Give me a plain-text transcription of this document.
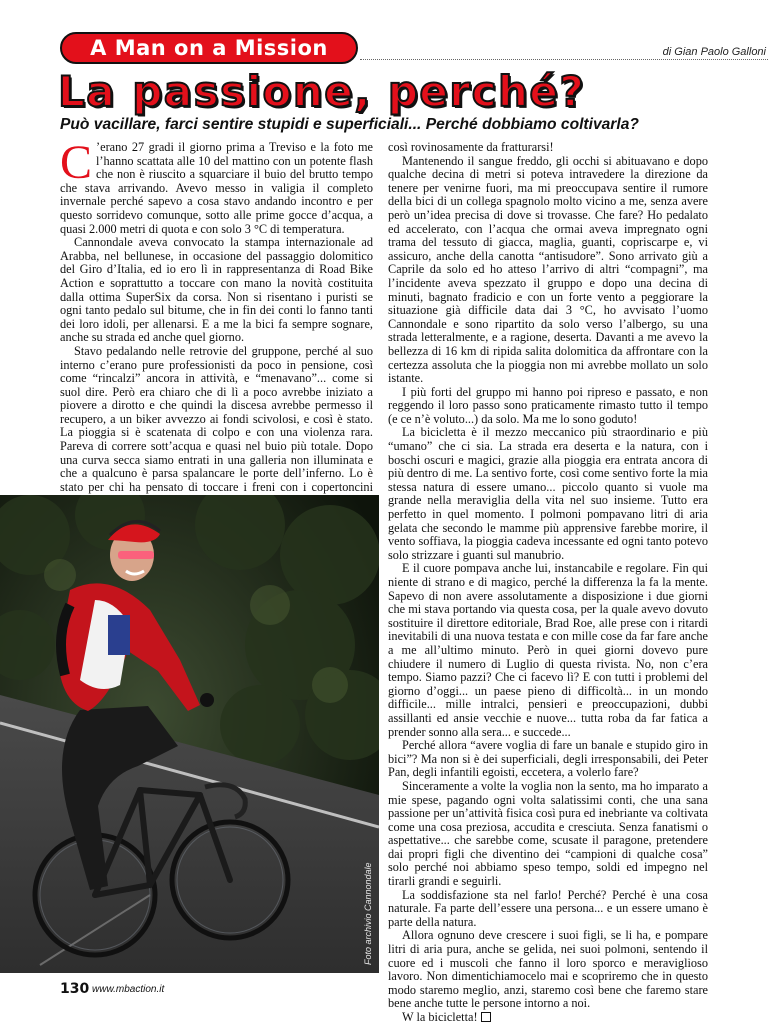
A Man on a Mission	di Gian Paolo Galloni
La passione, perché?
Può vacillare, farci sentire stupidi e superficiali... Perché dobbiamo coltivarla?

C ’erano 27 gradi il giorno prima a Treviso e la foto me l’hanno scattata alle 10 del mattino con un potente flash che non è riuscito a squarciare il buio del brutto tempo che stava arrivando. Avevo messo in valigia il completo invernale perché sapevo a cosa stavo andando incontro e per questo sorridevo comunque, sotto alle prime gocce d’acqua, a quasi 2.000 metri di quota e con solo 3 °C di temperatura.

Cannondale aveva convocato la stampa internazionale ad Arabba, nel bellunese, in occasione del passaggio dolomitico del Giro d’Italia, ed io ero lì in rappresentanza di Road Bike Action e soprattutto a toccare con mano la novità costituita dalla ottima SuperSix da corsa. Non si risentano i puristi se ogni tanto pedalo sul bitume, che in fin dei conti lo fanno tanti dei loro idoli, per allenarsi. E a me la bici fa sempre sognare, anche su strada ed anche quel giorno.

Stavo pedalando nelle retrovie del gruppone, perché al suo interno c’erano pure professionisti da poco in pensione, così come “rincalzi” ancora in attività, e “menavano”... come si suol dire. Però era chiaro che di lì a poco avrebbe iniziato a piovere a dirotto e che quindi la discesa avrebbe permesso il recupero, a un biker avvezzo ai fondi scivolosi, e così è stato. La pioggia si è scatenata di colpo e con una violenza rara. Pareva di correre sott’acqua e quasi nel buio più totale. Dopo una curva secca siamo entrati in una galleria non illuminata e che a qualcuno è parsa spalancare le porte dell’inferno. Lo è stato per chi ha pensato di toccare i freni con i copertoncini

così rovinosamente da fratturarsi!

Mantenendo il sangue freddo, gli occhi si abituavano e dopo qualche decina di metri si poteva intravedere la direzione da tenere per venirne fuori, ma mi preoccupava sentire il rumore della bici di un collega spagnolo molto vicino a me, senza avere però un’idea precisa di dove si trovasse. Che fare? Ho pedalato ed accelerato, con l’acqua che ormai aveva impregnato ogni trama del tessuto di giacca, maglia, guanti, copriscarpe e, vi assicuro, anche della canotta “antisudore”. Sono arrivato giù a Caprile da solo ed ho atteso l’arrivo di altri “compagni”, ma l’incidente aveva spezzato il gruppo e dopo una decina di minuti, bagnato fradicio e con un forte vento a peggiorare la situazione già difficile data dai 3 °C, ho avvisato l’uomo Cannondale e sono ripartito da solo verso l’albergo, su una strada letteralmente, e a ragione, deserta. Davanti a me avevo la bellezza di 16 km di ripida salita dolomitica da affrontare con la certezza assoluta che la pioggia non mi avrebbe mollato un solo istante.

I più forti del gruppo mi hanno poi ripreso e passato, e non reggendo il loro passo sono praticamente rimasto tutto il tempo (e ce n’è voluto...) da solo. Ma me lo sono goduto!

La bicicletta è il mezzo meccanico più straordinario e più “umano” che ci sia. La strada era deserta e la natura, con i boschi oscuri e magici, grazie alla pioggia era entrata ancora di più dentro di me. La sentivo forte, così come sentivo forte la mia stessa natura di essere umano... piccolo quanto si vuole ma grande nella meraviglia della vita nel suo insieme. Tutto era perfetto in quel momento. I polmoni pompavano litri di aria gelata che secondo le mamme più apprensive farebbe morire, il vento soffiava, la pioggia cadeva incessante ed ogni tanto potevo solo strizzare i guanti sul manubrio.

E il cuore pompava anche lui, instancabile e regolare. Fin qui niente di strano e di magico, perché la differenza la fa la mente. Sapevo di non avere assolutamente a disposizione i due giorni che mi stava portando via questa cosa, per la quale avevo dovuto sostituire il direttore editoriale, Brad Roe, alle prese con i ritardi inevitabili di una nuova testata e con mille cose da far fare anche a me all’ultimo minuto. Però in quei giorni dovevo pure chiudere il numero di Luglio di questa rivista. No, non c’era tempo. Siamo pazzi? Che ci facevo lì? E con tutti i problemi del giorno d’oggi... un paese pieno di difficoltà... in un mondo difficile... mille intralci, pensieri e preoccupazioni, dubbi assillanti ed ansie vecchie e nuove... tutta roba da far fatica a prender sonno alla sera... e succede...

Perché allora “avere voglia di fare un banale e stupido giro in bici”? Ma non si è dei superficiali, degli irresponsabili, dei Peter Pan, degli infantili egoisti, eccetera, a volerlo fare?

Sinceramente a volte la voglia non la sento, ma ho imparato a mie spese, pagando ogni volta salatissimi conti, che una sana passione per un’attività fisica così pura ed inebriante va coltivata come una cosa preziosa, accudita e cresciuta. Senza fanatismi o aspettative... che sarebbe come, scusate il paragone, pretendere dai propri figli che diventino dei “campioni di qualche cosa” solo perché noi abbiamo speso tempo, soldi ed impegno nel tirarli grandi e seguirli.

La soddisfazione sta nel farlo! Perché? Perché è una cosa naturale. Fa parte dell’essere una persona... e un essere umano è parte della natura.

Allora ognuno deve crescere i suoi figli, se li ha, e pompare litri di aria pura, anche se gelida, nei suoi polmoni, sentendo il cuore ed i muscoli che fanno il loro sporco e meraviglioso lavoro. Non dimentichiamocelo mai e scopriremo che in questo modo staremo meglio, anzi, staremo così bene che faremo stare bene anche tutte le persone intorno a noi.

W la bicicletta!

Foto archivio Cannondale
130 www.mbaction.it
